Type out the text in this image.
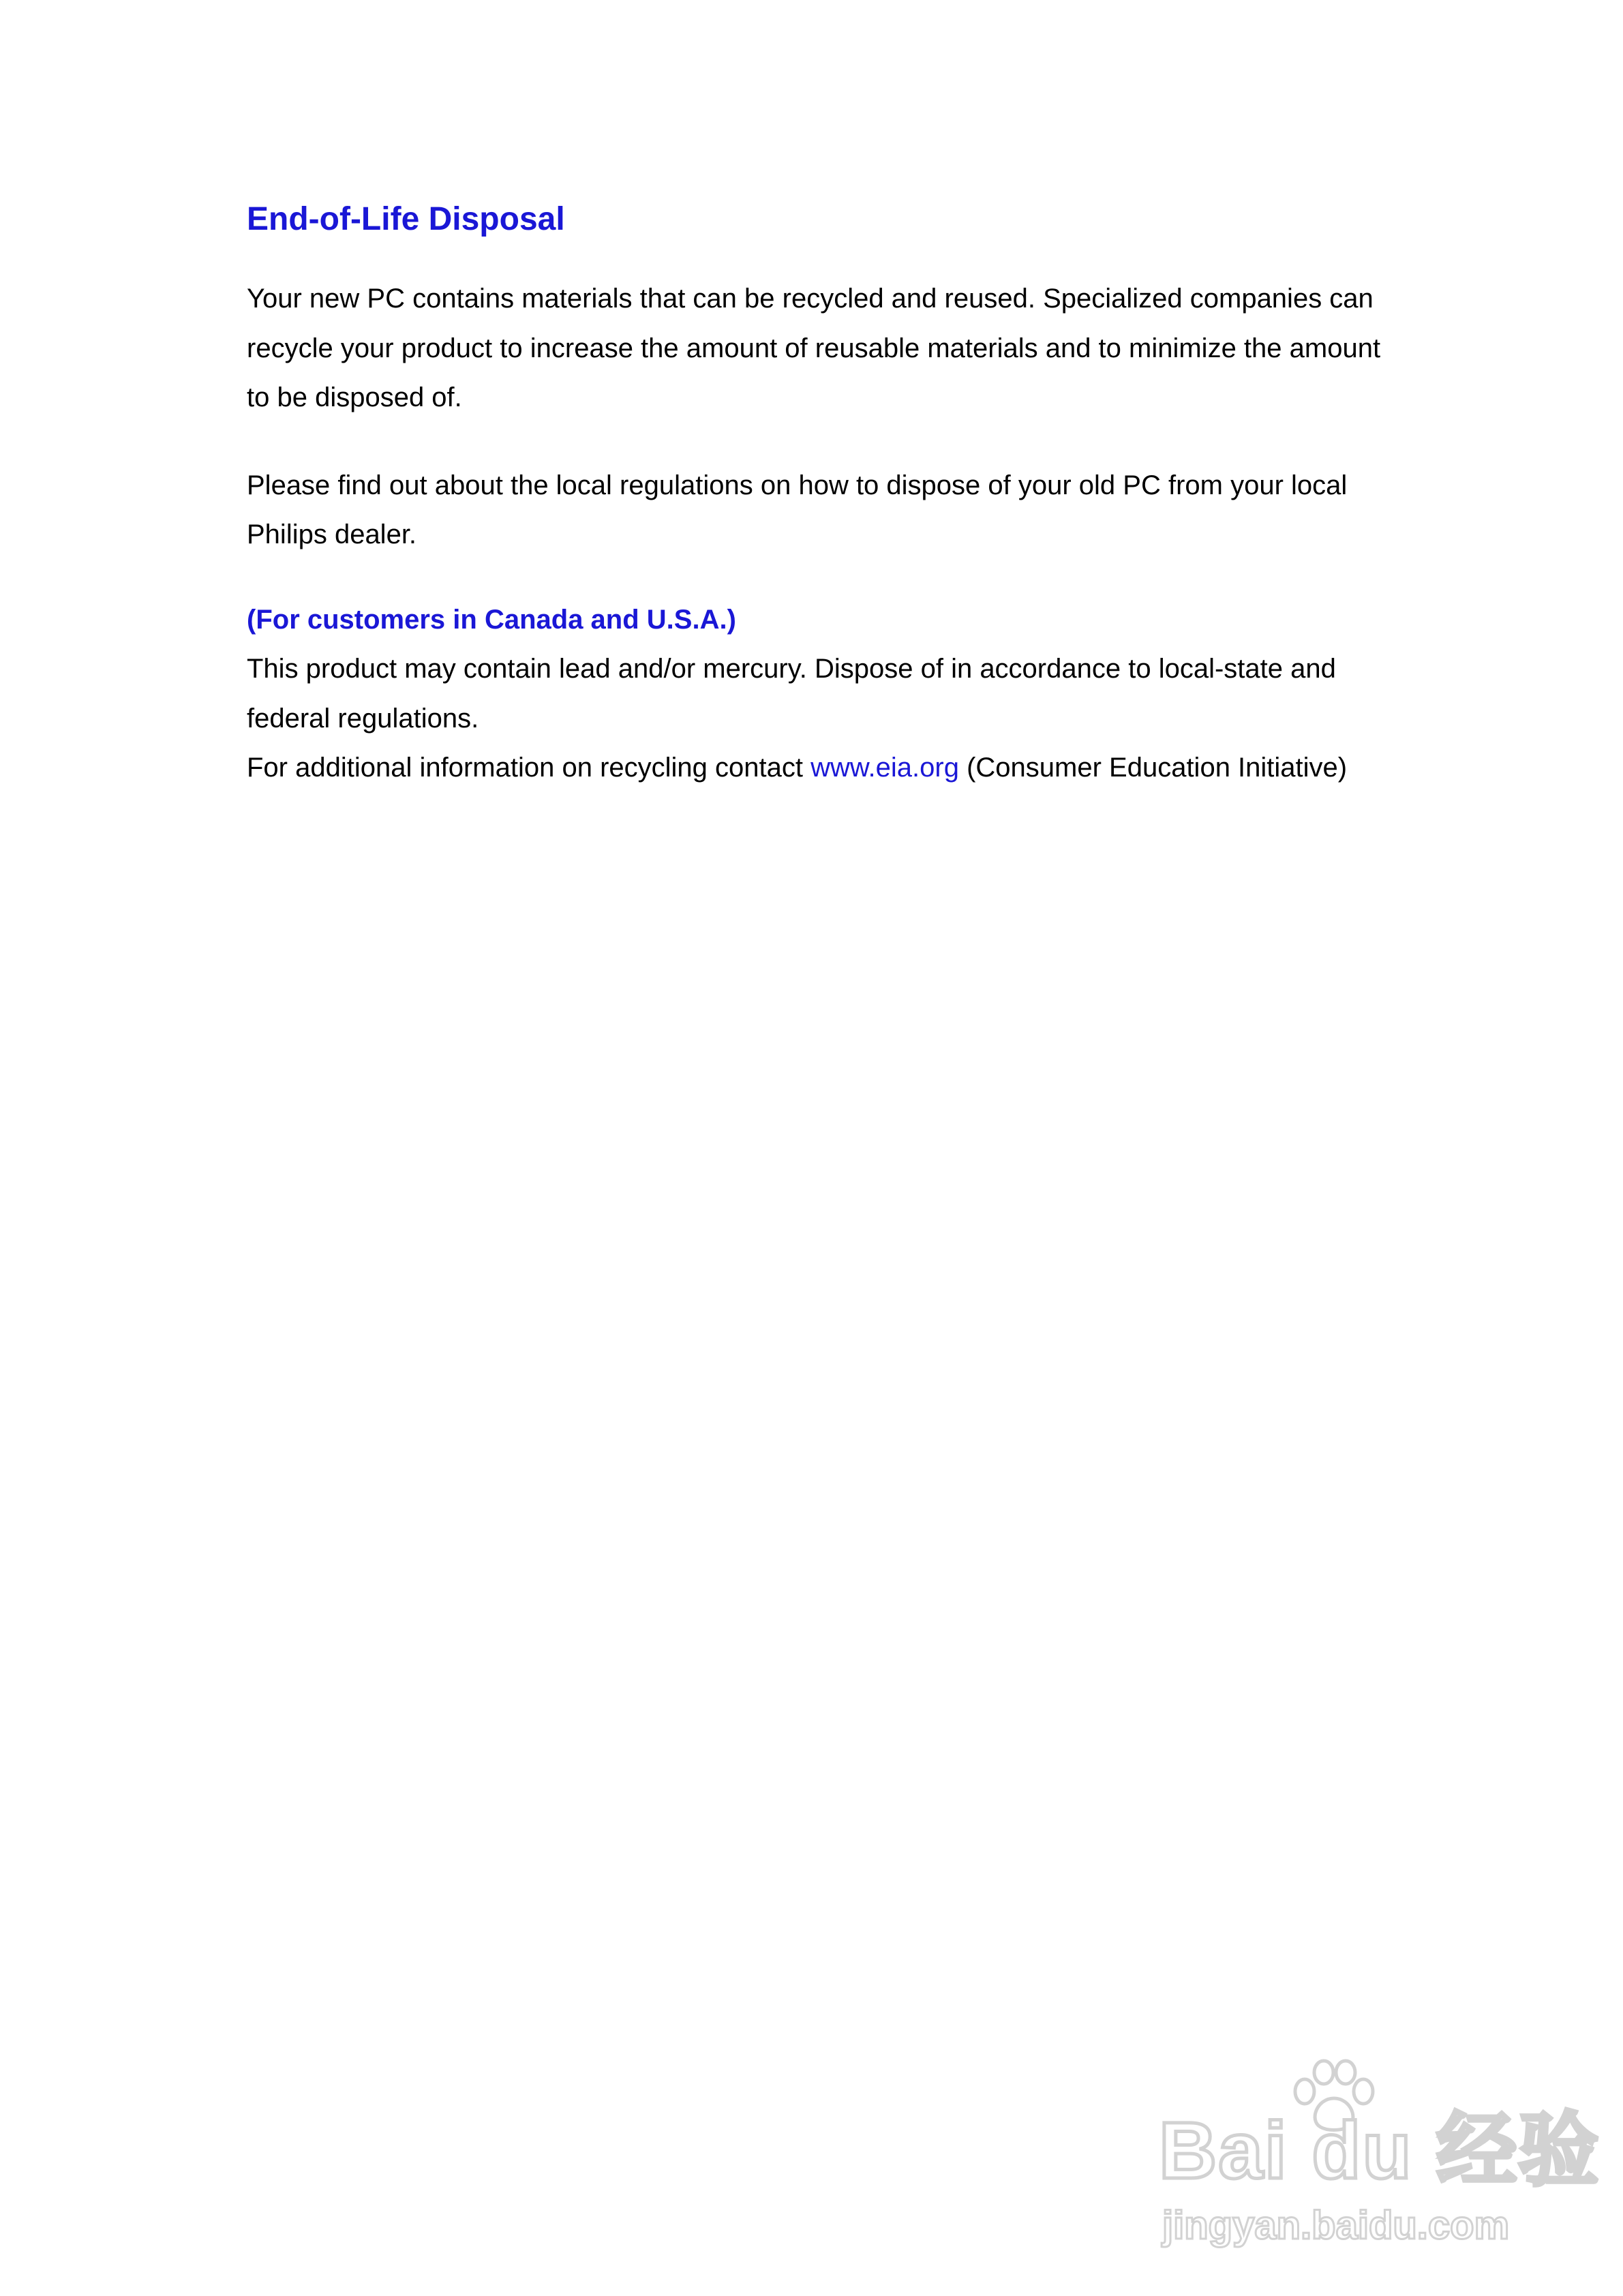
End-of-Life Disposal

Your new PC contains materials that can be recycled and reused. Specialized companies can recycle your product to increase the amount of reusable materials and to minimize the amount to be disposed of.

Please find out about the local regulations on how to dispose of your old PC from your local Philips dealer.

(For customers in Canada and U.S.A.)

This product may contain lead and/or mercury. Dispose of in accordance to local-state and federal regulations.

For additional information on recycling contact www.eia.org (Consumer Education Initiative)

Bai du 经验
jingyan.baidu.com
